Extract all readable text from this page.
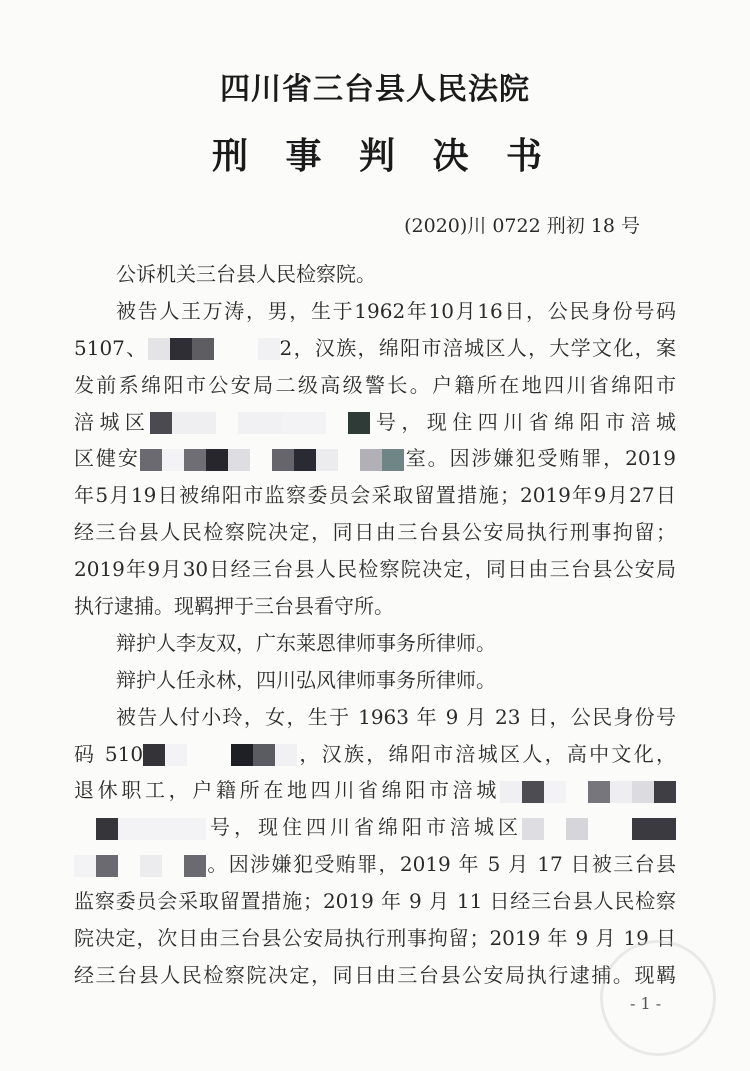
四川省三台县人民法院
刑 事 判 决 书
(2020)川 0722 刑初 18 号
公诉机关三台县人民检察院。
被告人王万涛，男，生于1962年10月16日，公民身份号码
5107、	2，汉族，绵阳市涪城区人，大学文化，案
发前系绵阳市公安局二级高级警长。户籍所在地四川省绵阳市
涪城区	号，现住四川省绵阳市涪城
区健安	室。因涉嫌犯受贿罪，2019
年5月19日被绵阳市监察委员会采取留置措施；2019年9月27日
经三台县人民检察院决定，同日由三台县公安局执行刑事拘留；
2019年9月30日经三台县人民检察院决定，同日由三台县公安局
执行逮捕。现羁押于三台县看守所。
辩护人李友双，广东莱恩律师事务所律师。
辩护人任永林，四川弘风律师事务所律师。
被告人付小玲，女，生于 1963 年 9 月 23 日，公民身份号
码 510	，汉族，绵阳市涪城区人，高中文化，
退休职工，户籍所在地四川省绵阳市涪城
号，现住四川省绵阳市涪城区
。因涉嫌犯受贿罪，2019 年 5 月 17 日被三台县
监察委员会采取留置措施；2019 年 9 月 11 日经三台县人民检察
院决定，次日由三台县公安局执行刑事拘留；2019 年 9 月 19 日
经三台县人民检察院决定，同日由三台县公安局执行逮捕。现羁
- 1 -
